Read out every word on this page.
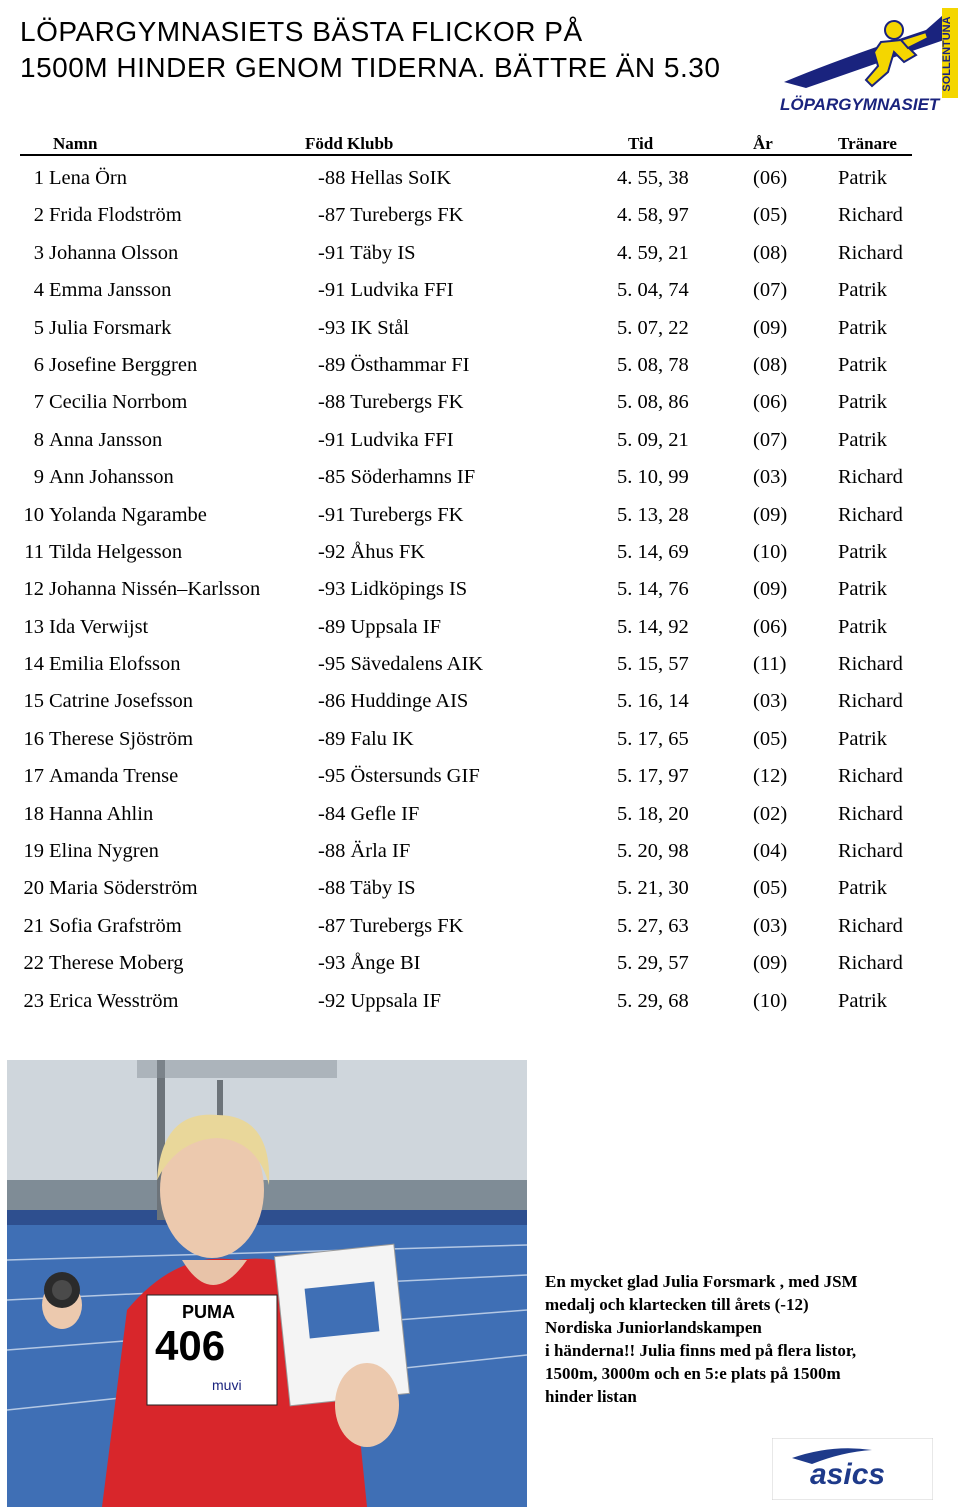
LÖPARGYMNASIETS BÄSTA FLICKOR PÅ
1500M HINDER GENOM TIDERNA. BÄTTRE ÄN 5.30	SOLLENTUNA
LÖPARGYMNASIET
Namn	Född Klubb	Tid	År	Tränare
1 Lena Örn	-88 Hellas SoIK	4. 55, 38	(06) Patrik
2 Frida Flodström	-87 Turebergs FK	4. 58, 97	(05) Richard
3 Johanna Olsson	-91 Täby IS	4. 59, 21	(08) Richard
4 Emma Jansson	-91 Ludvika FFI	5. 04, 74	(07) Patrik
5 Julia Forsmark	-93 IK Stål	5. 07, 22	(09) Patrik
6 Josefine Berggren	-89 Östhammar FI	5. 08, 78	(08) Patrik
7 Cecilia Norrbom	-88 Turebergs FK	5. 08, 86	(06) Patrik
8 Anna Jansson	-91 Ludvika FFI	5. 09, 21	(07) Patrik
9 Ann Johansson	-85 Söderhamns IF	5. 10, 99	(03) Richard
10 Yolanda Ngarambe	-91 Turebergs FK	5. 13, 28	(09) Richard
11 Tilda Helgesson	-92 Åhus FK	5. 14, 69	(10) Patrik
12 Johanna Nissén–Karlsson	-93 Lidköpings IS	5. 14, 76	(09) Patrik
13 Ida Verwijst	-89 Uppsala IF	5. 14, 92	(06) Patrik
14 Emilia Elofsson	-95 Sävedalens AIK	5. 15, 57	(11)	Richard
15 Catrine Josefsson	-86 Huddinge AIS	5. 16, 14	(03) Richard
16 Therese Sjöström	-89 Falu IK	5. 17, 65	(05) Patrik
17 Amanda Trense	-95 Östersunds GIF	5. 17, 97	(12) Richard
18 Hanna Ahlin	-84 Gefle IF	5. 18, 20	(02) Richard
19 Elina Nygren	-88 Ärla IF	5. 20, 98	(04) Richard
20 Maria Söderström	-88 Täby IS	5. 21, 30	(05) Patrik
21 Sofia Grafström	-87 Turebergs FK	5. 27, 63	(03) Richard
22 Therese Moberg	-93 Ånge BI	5. 29, 57	(09) Richard
23 Erica Wesström	-92 Uppsala IF	5. 29, 68	(10) Patrik
PUMA
406
muvi
En mycket glad Julia Forsmark , med JSM
medalj och klartecken till årets (-12)
Nordiska Juniorlandskampen
i händerna!! Julia finns med på flera listor,
1500m, 3000m och en 5:e plats på 1500m
hinder listan
asics
